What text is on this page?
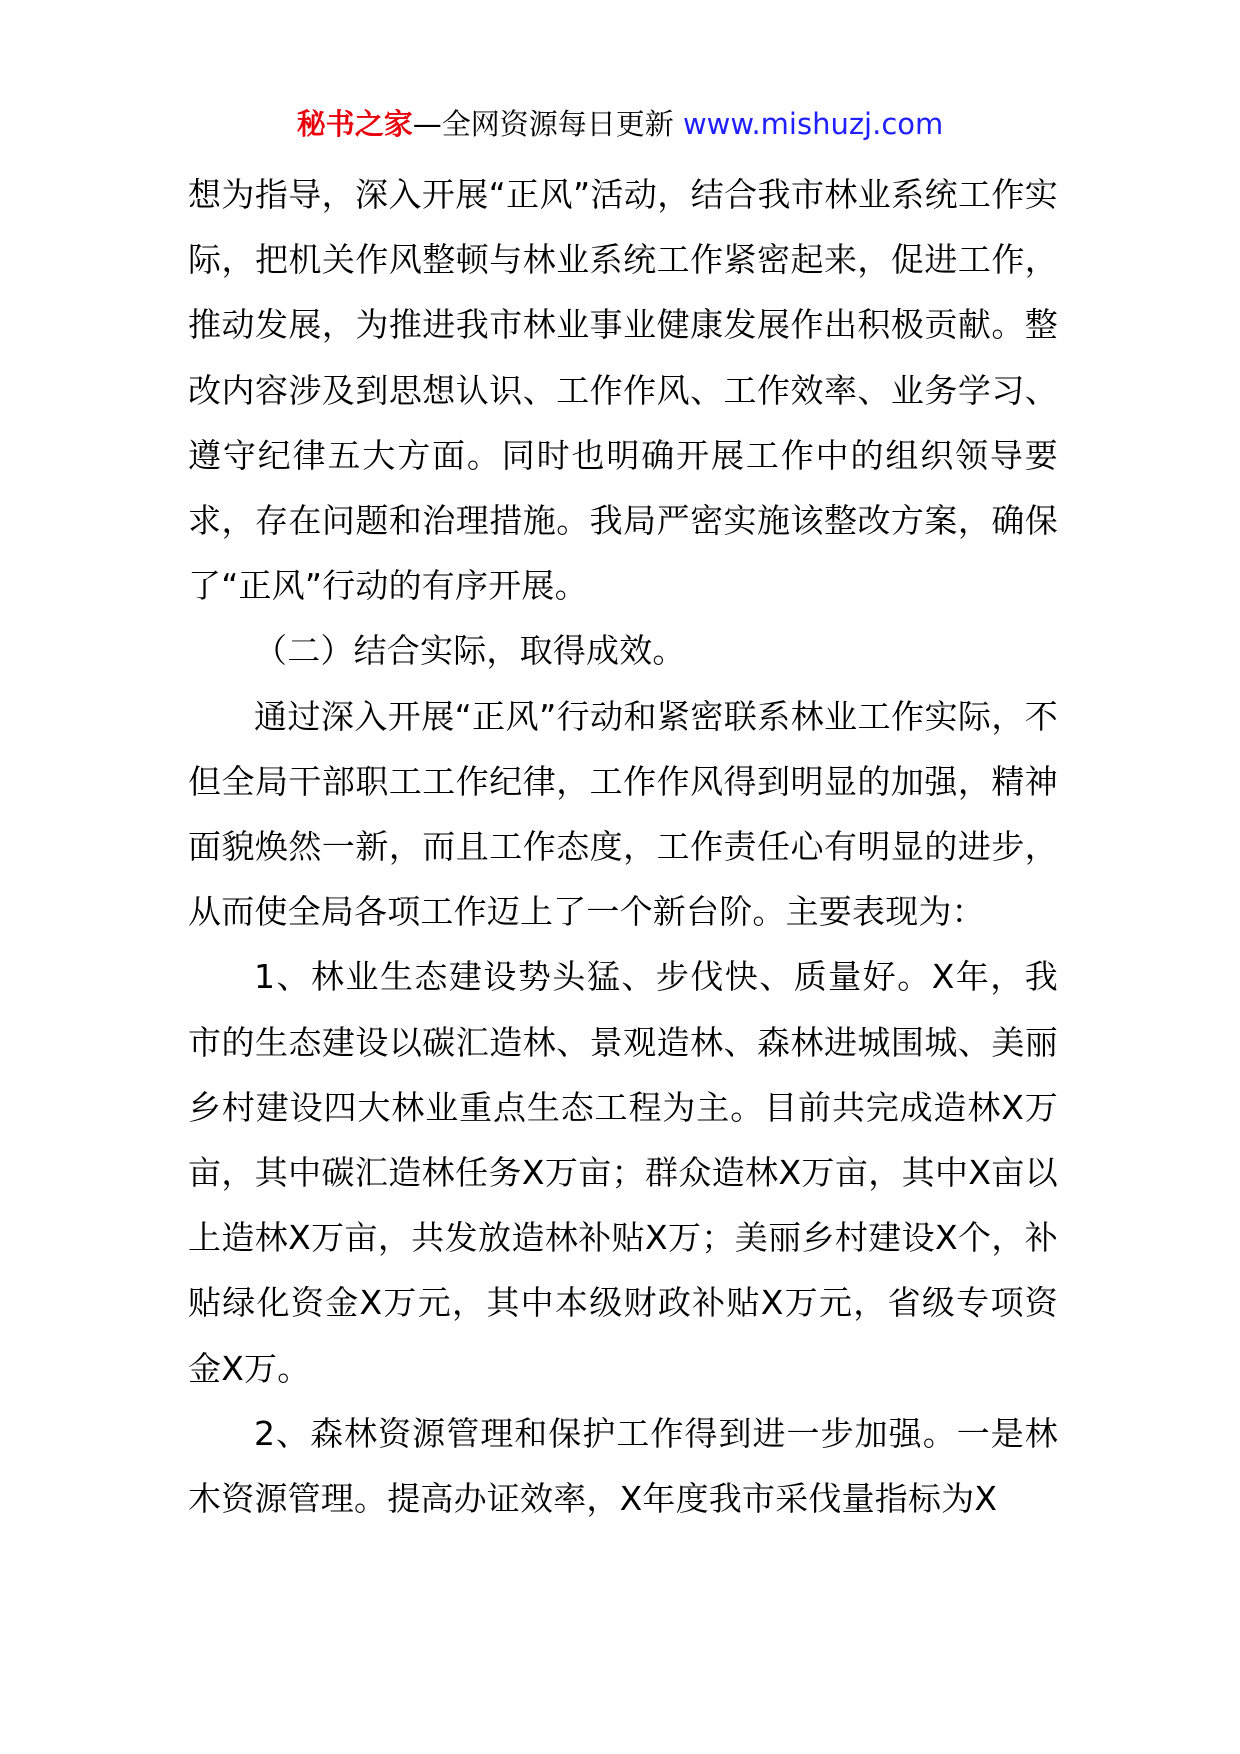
秘书之家—全网资源每日更新 www.mishuzj.com

想为指导，深入开展“正风”活动，结合我市林业系统工作实际，把机关作风整顿与林业系统工作紧密起来，促进工作，推动发展，为推进我市林业事业健康发展作出积极贡献。整改内容涉及到思想认识、工作作风、工作效率、业务学习、遵守纪律五大方面。同时也明确开展工作中的组织领导要求，存在问题和治理措施。我局严密实施该整改方案，确保了“正风”行动的有序开展。

（二）结合实际，取得成效。

通过深入开展“正风”行动和紧密联系林业工作实际，不但全局干部职工工作纪律，工作作风得到明显的加强，精神面貌焕然一新，而且工作态度，工作责任心有明显的进步，从而使全局各项工作迈上了一个新台阶。主要表现为：

1、林业生态建设势头猛、步伐快、质量好。X年，我市的生态建设以碳汇造林、景观造林、森林进城围城、美丽乡村建设四大林业重点生态工程为主。目前共完成造林X万亩，其中碳汇造林任务X万亩；群众造林X万亩，其中X亩以上造林X万亩，共发放造林补贴X万；美丽乡村建设X个，补贴绿化资金X万元，其中本级财政补贴X万元，省级专项资金X万。

2、森林资源管理和保护工作得到进一步加强。一是林木资源管理。提高办证效率，X年度我市采伐量指标为X
